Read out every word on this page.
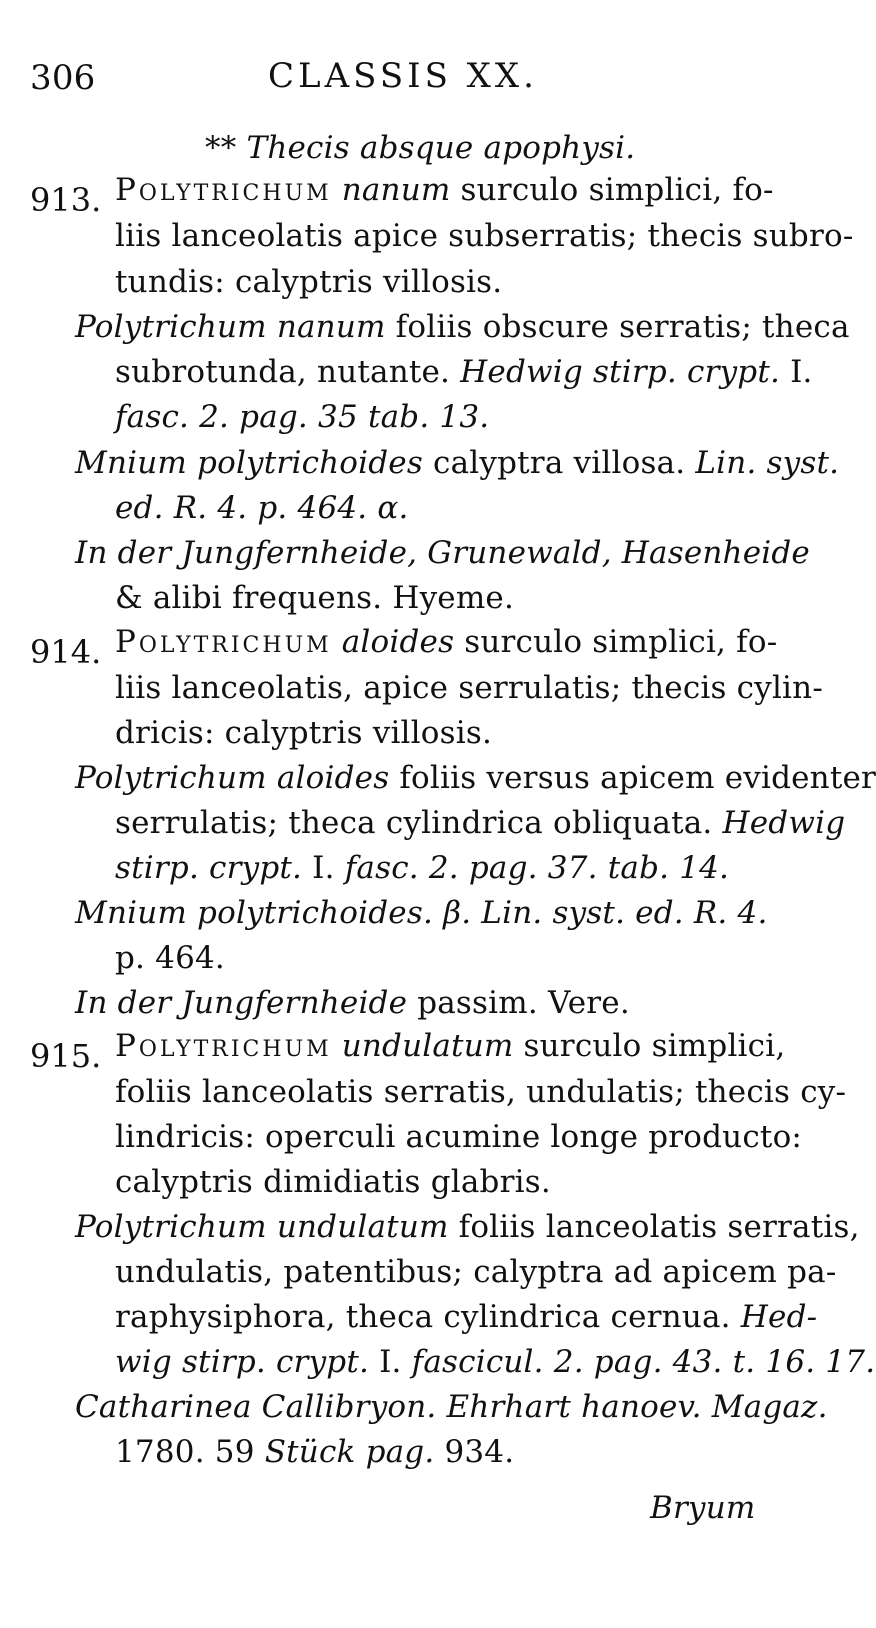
306	CLASSIS XX.
** Thecis absque apophysi.
913. Polytrichum nanum surculo simplici, fo-
liis lanceolatis apice subserratis; thecis subro-
tundis: calyptris villosis.
Polytrichum nanum foliis obscure serratis; theca
subrotunda, nutante. Hedwig stirp. crypt. I.
fasc. 2. pag. 35 tab. 13.
Mnium polytrichoides calyptra villosa. Lin. syst.
ed. R. 4. p. 464. α.
In der Jungfernheide, Grunewald, Hasenheide
& alibi frequens. Hyeme.
914. Polytrichum aloides surculo simplici, fo-
liis lanceolatis, apice serrulatis; thecis cylin-
dricis: calyptris villosis.
Polytrichum aloides foliis versus apicem evidenter
serrulatis; theca cylindrica obliquata. Hedwig
stirp. crypt. I. fasc. 2. pag. 37. tab. 14.
Mnium polytrichoides. β. Lin. syst. ed. R. 4.
p. 464.
In der Jungfernheide passim. Vere.
915. Polytrichum undulatum surculo simplici,
foliis lanceolatis serratis, undulatis; thecis cy-
lindricis: operculi acumine longe producto:
calyptris dimidiatis glabris.
Polytrichum undulatum foliis lanceolatis serratis,
undulatis, patentibus; calyptra ad apicem pa-
raphysiphora, theca cylindrica cernua. Hed-
wig stirp. crypt. I. fascicul. 2. pag. 43. t. 16. 17.
Catharinea Callibryon. Ehrhart hanoev. Magaz.
1780. 59 Stück pag. 934.
Bryum
